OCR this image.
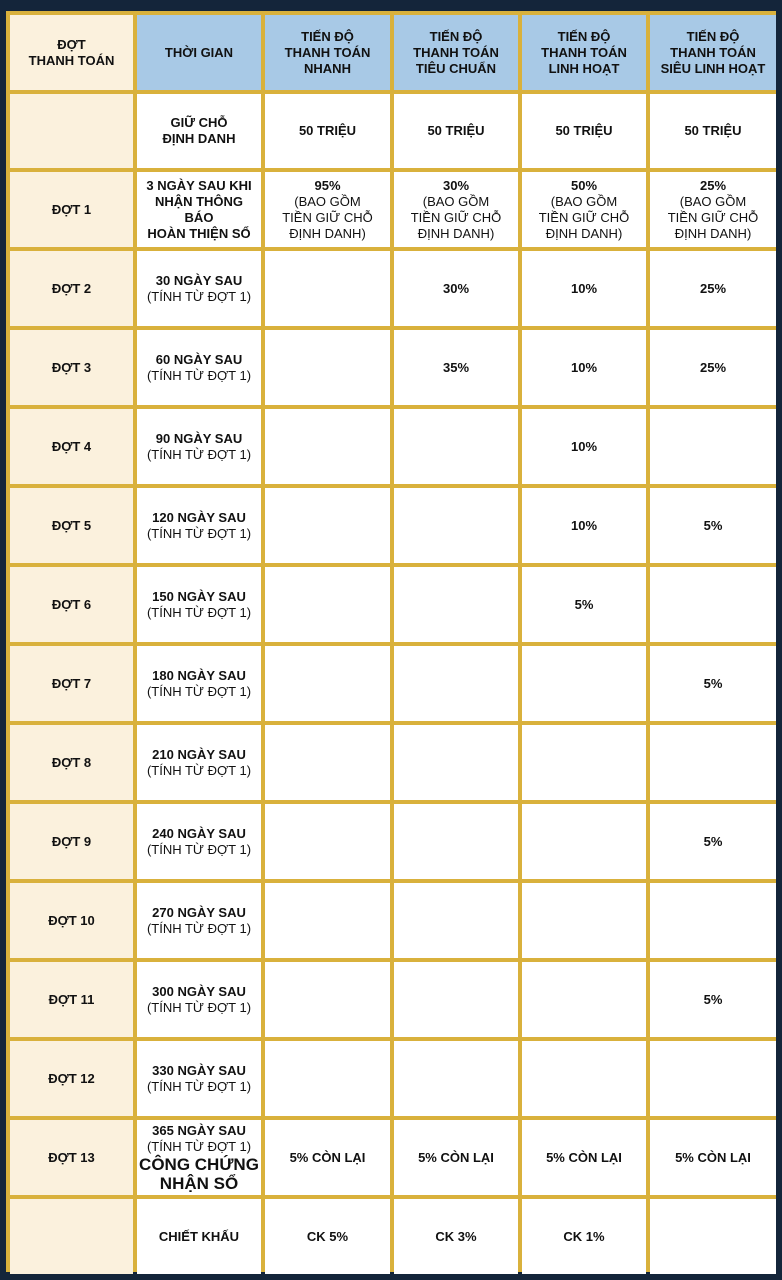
ĐỢT
THANH TOÁN	THỜI GIAN	TIẾN ĐỘ
THANH TOÁN
NHANH	TIẾN ĐỘ
THANH TOÁN
TIÊU CHUẨN	TIẾN ĐỘ
THANH TOÁN
LINH HOẠT	TIẾN ĐỘ
THANH TOÁN
SIÊU LINH HOẠT
	GIỮ CHỖ
ĐỊNH DANH	50 TRIỆU	50 TRIỆU	50 TRIỆU	50 TRIỆU
ĐỢT 1	3 NGÀY SAU KHI
NHẬN THÔNG BÁO
HOÀN THIỆN SỔ	95%
(BAO GỒM
TIỀN GIỮ CHỖ
ĐỊNH DANH)	30%
(BAO GỒM
TIỀN GIỮ CHỖ
ĐỊNH DANH)	50%
(BAO GỒM
TIỀN GIỮ CHỖ
ĐỊNH DANH)	25%
(BAO GỒM
TIỀN GIỮ CHỖ
ĐỊNH DANH)

ĐỢT 2	30 NGÀY SAU
(TÍNH TỪ ĐỢT 1)		30%	10%	25%
ĐỢT 3	60 NGÀY SAU
(TÍNH TỪ ĐỢT 1)		35%	10%	25%
ĐỢT 4	90 NGÀY SAU
(TÍNH TỪ ĐỢT 1)			10%	
ĐỢT 5	120 NGÀY SAU
(TÍNH TỪ ĐỢT 1)			10%	5%
ĐỢT 6	150 NGÀY SAU
(TÍNH TỪ ĐỢT 1)			5%	
ĐỢT 7	180 NGÀY SAU
(TÍNH TỪ ĐỢT 1)				5%
ĐỢT 8	210 NGÀY SAU
(TÍNH TỪ ĐỢT 1)				

ĐỢT 9	240 NGÀY SAU
(TÍNH TỪ ĐỢT 1)				5%
ĐỢT 10	270 NGÀY SAU
(TÍNH TỪ ĐỢT 1)				

ĐỢT 11	300 NGÀY SAU
(TÍNH TỪ ĐỢT 1)				5%
ĐỢT 12	330 NGÀY SAU
(TÍNH TỪ ĐỢT 1)				

ĐỢT 13	365 NGÀY SAU
(TÍNH TỪ ĐỢT 1)
CÔNG CHỨNG
NHẬN SỔ	5% CÒN LẠI	5% CÒN LẠI	5% CÒN LẠI	5% CÒN LẠI
	CHIẾT KHẤU	CK 5%	CK 3%	CK 1%	
